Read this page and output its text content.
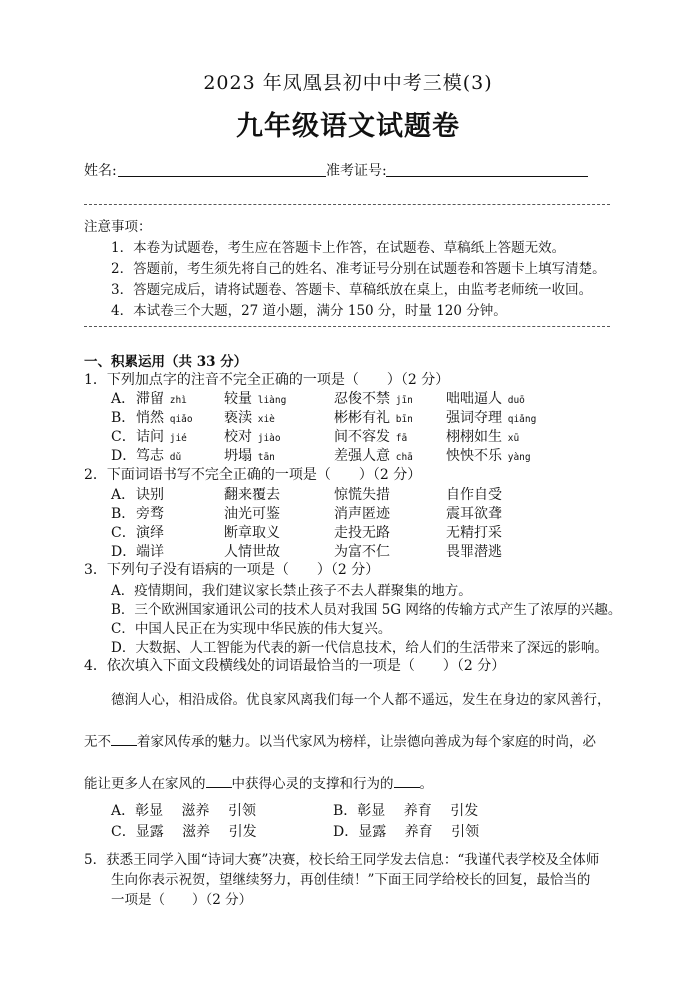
2023 年凤凰县初中中考三模(3)
九年级语文试题卷
姓名:	准考证号:
注意事项：
1．本卷为试题卷，考生应在答题卡上作答，在试题卷、草稿纸上答题无效。
2．答题前，考生须先将自己的姓名、准考证号分别在试题卷和答题卡上填写清楚。
3．答题完成后，请将试题卷、答题卡、草稿纸放在桌上，由监考老师统一收回。
4．本试卷三个大题，27 道小题，满分 150 分，时量 120 分钟。
一、积累运用（共 33 分）
1．下列加点字的注音不完全正确的一项是（　　）（2 分）
A． 滞留 zhì	较量 liàng	忍俊不禁 jīn 咄咄逼人 duō
B． 悄然 qiǎo 亵渎 xiè	彬彬有礼 bīn 强词夺理 qiǎng
C． 诘问 jié	校对 jiào	间不容发 fā	栩栩如生 xū
D． 笃志 dǔ	坍塌 tān	差强人意 chā 怏怏不乐 yàng
2．下面词语书写不完全正确的一项是（　　）（2 分）
A． 诀别	翻来覆去	惊慌失措	自作自受
B． 旁骛	油光可鉴	消声匿迹	震耳欲聋
C． 演绎	断章取义	走投无路	无精打采
D． 端详	人情世故	为富不仁	畏罪潜逃
3．下列句子没有语病的一项是（　　）（2 分）
A．疫情期间，我们建议家长禁止孩子不去人群聚集的地方。
B．三个欧洲国家通讯公司的技术人员对我国 5G 网络的传输方式产生了浓厚的兴趣。
C．中国人民正在为实现中华民族的伟大复兴。
D．大数据、人工智能为代表的新一代信息技术，给人们的生活带来了深远的影响。
4．依次填入下面文段横线处的词语最恰当的一项是（　　）（2 分）
德润人心，相沿成俗。优良家风离我们每一个人都不遥远，发生在身边的家风善行，
无不 着家风传承的魅力。以当代家风为榜样，让崇德向善成为每个家庭的时尚，必
能让更多人在家风的 中获得心灵的支撑和行为的 。
A．彰显　 滋养　 引领	B．彰显　 养育　 引发
C．显露　 滋养　 引发	D．显露　 养育　 引领
5．获悉王同学入围“诗词大赛”决赛，校长给王同学发去信息：“我谨代表学校及全体师
生向你表示祝贺，望继续努力，再创佳绩！”下面王同学给校长的回复，最恰当的
一项是（　　）（2 分）
